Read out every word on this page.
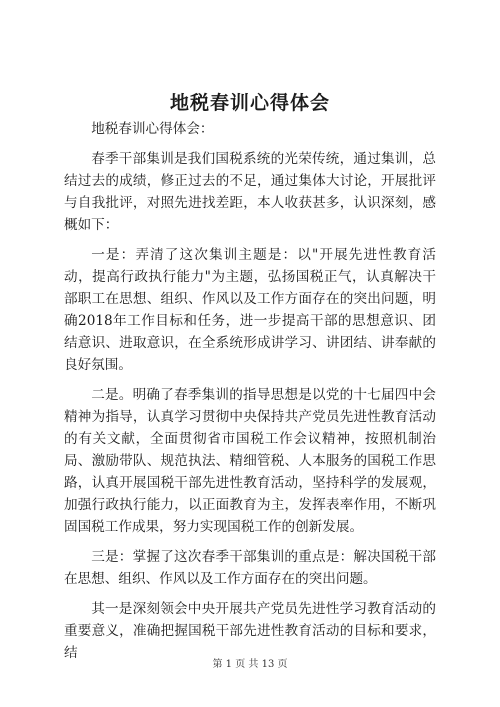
地税春训心得体会

地税春训心得体会：

春季干部集训是我们国税系统的光荣传统，通过集训，总结过去的成绩，修正过去的不足，通过集体大讨论，开展批评与自我批评，对照先进找差距，本人收获甚多，认识深刻，感概如下：

一是：弄清了这次集训主题是：以"开展先进性教育活动，提高行政执行能力"为主题，弘扬国税正气，认真解决干部职工在思想、组织、作风以及工作方面存在的突出问题，明确2018年工作目标和任务，进一步提高干部的思想意识、团结意识、进取意识，在全系统形成讲学习、讲团结、讲奉献的良好氛围。

二是。明确了春季集训的指导思想是以党的十七届四中会精神为指导，认真学习贯彻中央保持共产党员先进性教育活动的有关文献，全面贯彻省市国税工作会议精神，按照机制治局、激励带队、规范执法、精细管税、人本服务的国税工作思路，认真开展国税干部先进性教育活动，坚持科学的发展观，加强行政执行能力，以正面教育为主，发挥表率作用，不断巩固国税工作成果，努力实现国税工作的创新发展。

三是：掌握了这次春季干部集训的重点是：解决国税干部在思想、组织、作风以及工作方面存在的突出问题。

其一是深刻领会中央开展共产党员先进性学习教育活动的重要意义，准确把握国税干部先进性教育活动的目标和要求，结

第 1 页 共 13 页
